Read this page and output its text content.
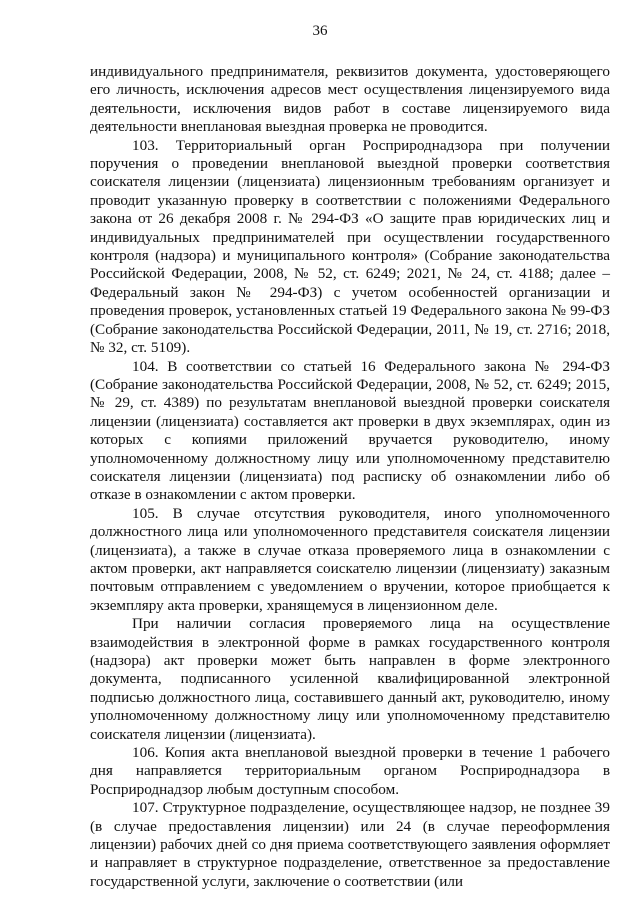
36

индивидуального предпринимателя, реквизитов документа, удостоверяющего его личность, исключения адресов мест осуществления лицензируемого вида деятельности, исключения видов работ в составе лицензируемого вида деятельности внеплановая выездная проверка не проводится.

103. Территориальный орган Росприроднадзора при получении поручения о проведении внеплановой выездной проверки соответствия соискателя лицензии (лицензиата) лицензионным требованиям организует и проводит указанную проверку в соответствии с положениями Федерального закона от 26 декабря 2008 г. № 294-ФЗ «О защите прав юридических лиц и индивидуальных предпринимателей при осуществлении государственного контроля (надзора) и муниципального контроля» (Собрание законодательства Российской Федерации, 2008, № 52, ст. 6249; 2021, № 24, ст. 4188; далее – Федеральный закон № 294-ФЗ) с учетом особенностей организации и проведения проверок, установленных статьей 19 Федерального закона № 99-ФЗ (Собрание законодательства Российской Федерации, 2011, № 19, ст. 2716; 2018, № 32, ст. 5109).

104. В соответствии со статьей 16 Федерального закона № 294-ФЗ (Собрание законодательства Российской Федерации, 2008, № 52, ст. 6249; 2015, № 29, ст. 4389) по результатам внеплановой выездной проверки соискателя лицензии (лицензиата) составляется акт проверки в двух экземплярах, один из которых с копиями приложений вручается руководителю, иному уполномоченному должностному лицу или уполномоченному представителю соискателя лицензии (лицензиата) под расписку об ознакомлении либо об отказе в ознакомлении с актом проверки.

105. В случае отсутствия руководителя, иного уполномоченного должностного лица или уполномоченного представителя соискателя лицензии (лицензиата), а также в случае отказа проверяемого лица в ознакомлении с актом проверки, акт направляется соискателю лицензии (лицензиату) заказным почтовым отправлением с уведомлением о вручении, которое приобщается к экземпляру акта проверки, хранящемуся в лицензионном деле.

При наличии согласия проверяемого лица на осуществление взаимодействия в электронной форме в рамках государственного контроля (надзора) акт проверки может быть направлен в форме электронного документа, подписанного усиленной квалифицированной электронной подписью должностного лица, составившего данный акт, руководителю, иному уполномоченному должностному лицу или уполномоченному представителю соискателя лицензии (лицензиата).

106. Копия акта внеплановой выездной проверки в течение 1 рабочего дня направляется территориальным органом Росприроднадзора в Росприроднадзор любым доступным способом.

107. Структурное подразделение, осуществляющее надзор, не позднее 39 (в случае предоставления лицензии) или 24 (в случае переоформления лицензии) рабочих дней со дня приема соответствующего заявления оформляет и направляет в структурное подразделение, ответственное за предоставление государственной услуги, заключение о соответствии (или
